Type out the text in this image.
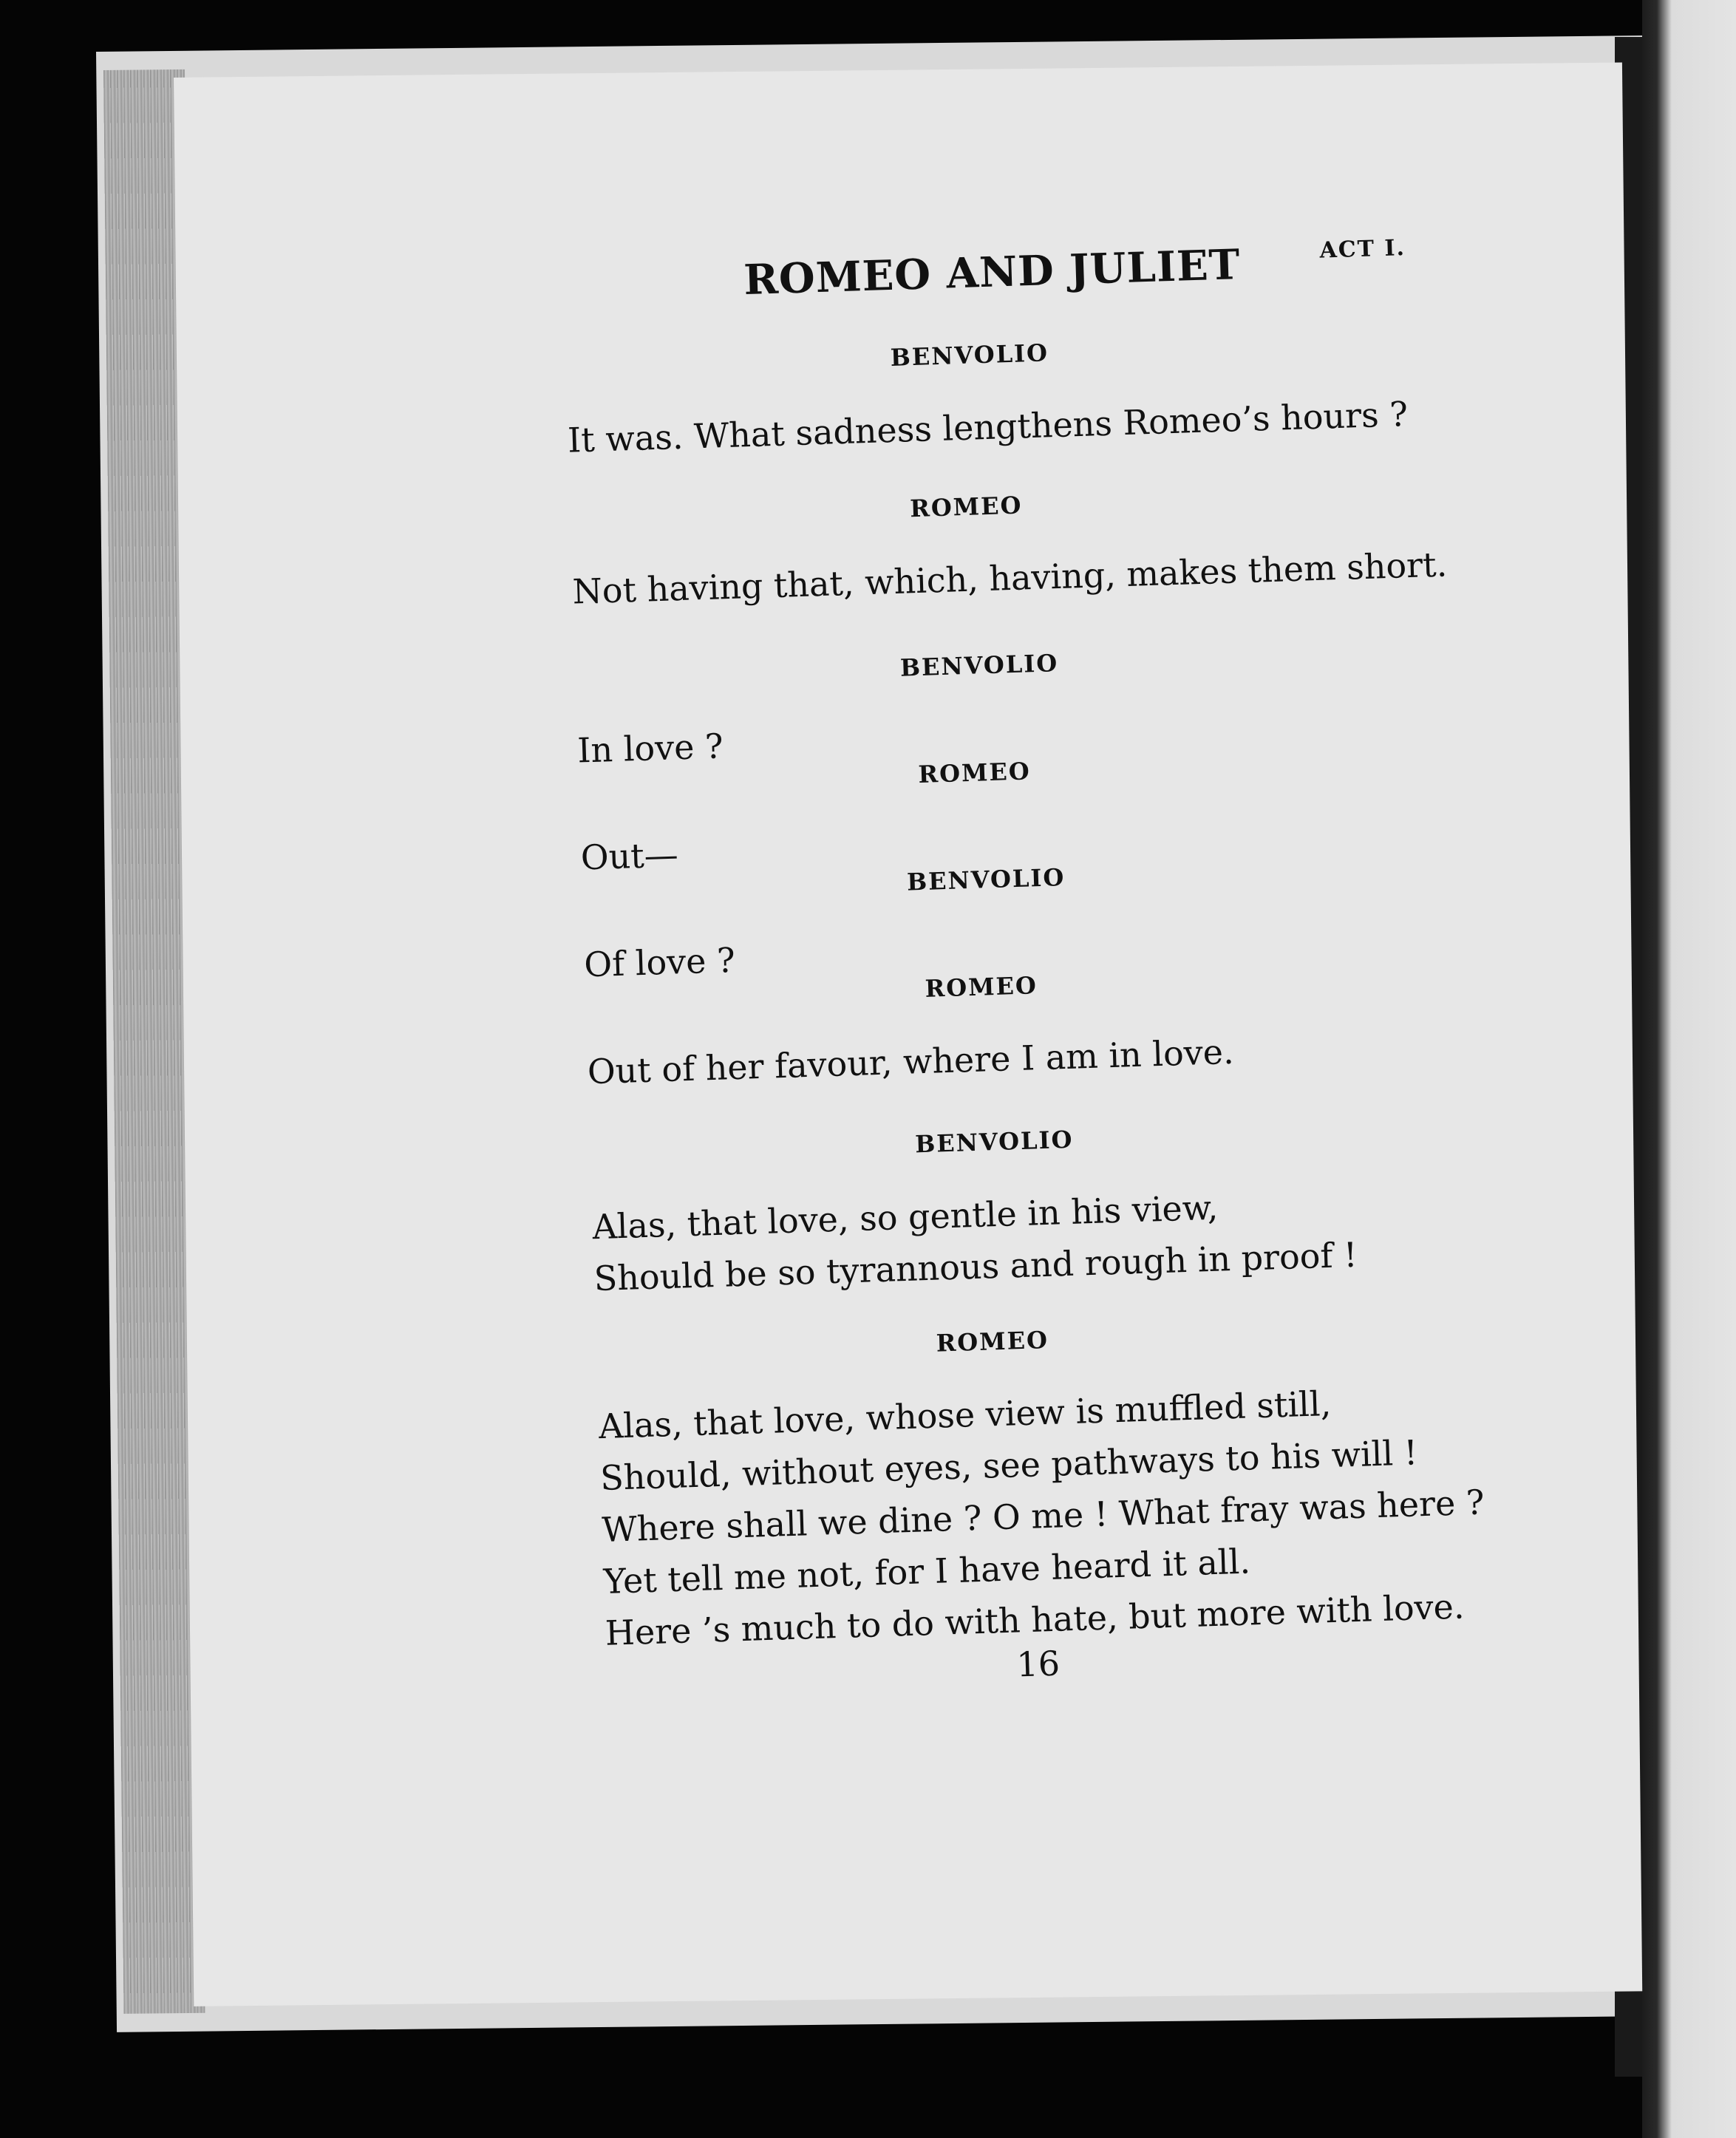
ROMEO AND JULIET	ACT I.
BENVOLIO
It was. What sadness lengthens Romeo’s hours ?
ROMEO
Not having that, which, having, makes them short.
BENVOLIO
In love ?
ROMEO
Out—
BENVOLIO
Of love ?
ROMEO
Out of her favour, where I am in love.
BENVOLIO
Alas, that love, so gentle in his view,
Should be so tyrannous and rough in proof !
ROMEO
Alas, that love, whose view is muffled still,
Should, without eyes, see pathways to his will !
Where shall we dine ? O me ! What fray was here ?
Yet tell me not, for I have heard it all.
Here ’s much to do with hate, but more with love.
16
